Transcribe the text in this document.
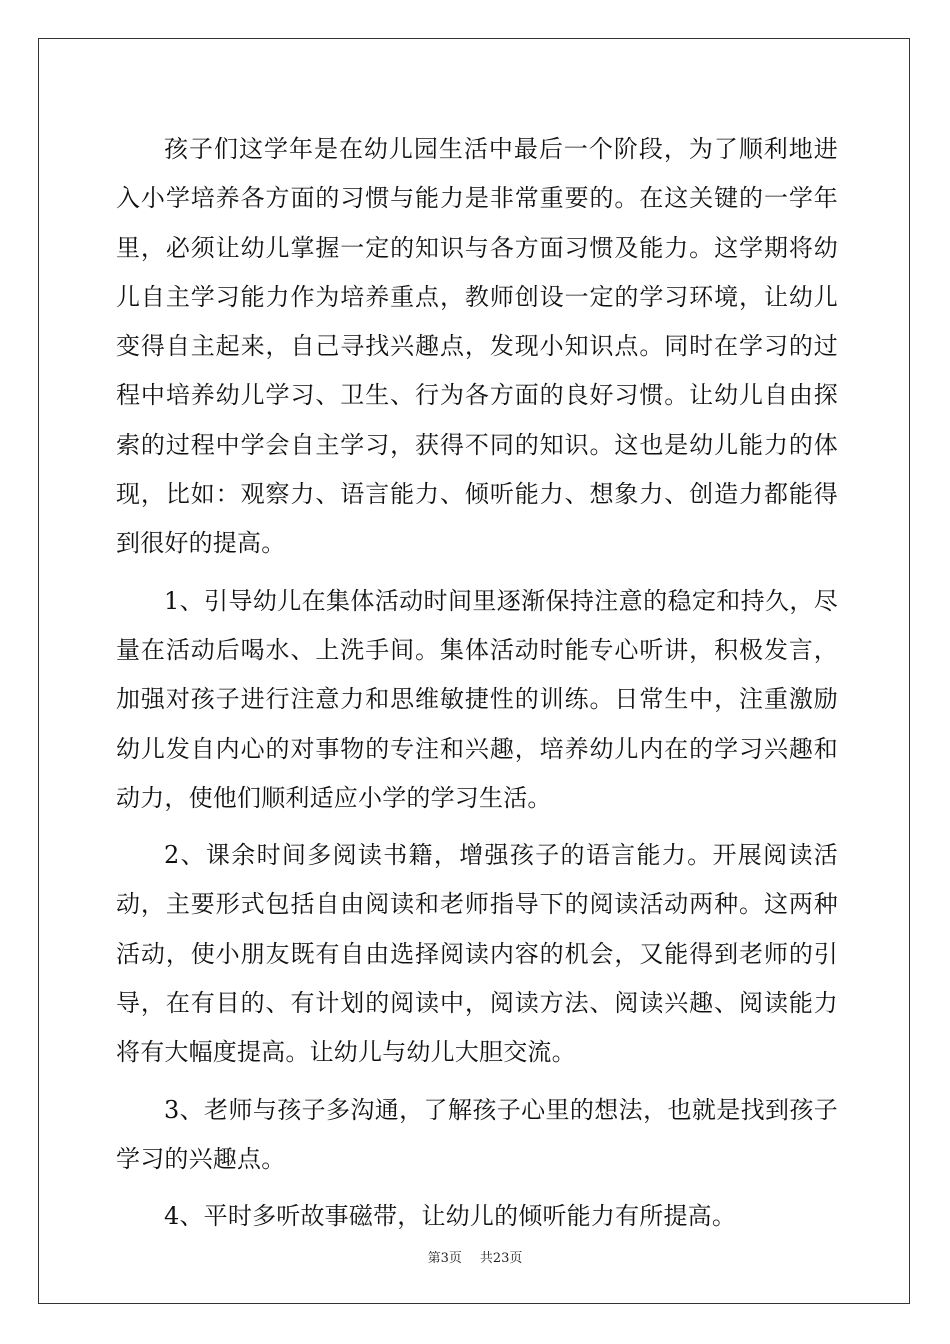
孩子们这学年是在幼儿园生活中最后一个阶段，为了顺利地进入小学培养各方面的习惯与能力是非常重要的。在这关键的一学年里，必须让幼儿掌握一定的知识与各方面习惯及能力。这学期将幼儿自主学习能力作为培养重点，教师创设一定的学习环境，让幼儿变得自主起来，自己寻找兴趣点，发现小知识点。同时在学习的过程中培养幼儿学习、卫生、行为各方面的良好习惯。让幼儿自由探索的过程中学会自主学习，获得不同的知识。这也是幼儿能力的体现，比如：观察力、语言能力、倾听能力、想象力、创造力都能得到很好的提高。

1、引导幼儿在集体活动时间里逐渐保持注意的稳定和持久，尽量在活动后喝水、上洗手间。集体活动时能专心听讲，积极发言，加强对孩子进行注意力和思维敏捷性的训练。日常生中，注重激励幼儿发自内心的对事物的专注和兴趣，培养幼儿内在的学习兴趣和动力，使他们顺利适应小学的学习生活。

2、课余时间多阅读书籍，增强孩子的语言能力。开展阅读活动，主要形式包括自由阅读和老师指导下的阅读活动两种。这两种活动，使小朋友既有自由选择阅读内容的机会，又能得到老师的引导，在有目的、有计划的阅读中，阅读方法、阅读兴趣、阅读能力将有大幅度提高。让幼儿与幼儿大胆交流。

3、老师与孩子多沟通，了解孩子心里的想法，也就是找到孩子学习的兴趣点。

4、平时多听故事磁带，让幼儿的倾听能力有所提高。

第3页 共23页
